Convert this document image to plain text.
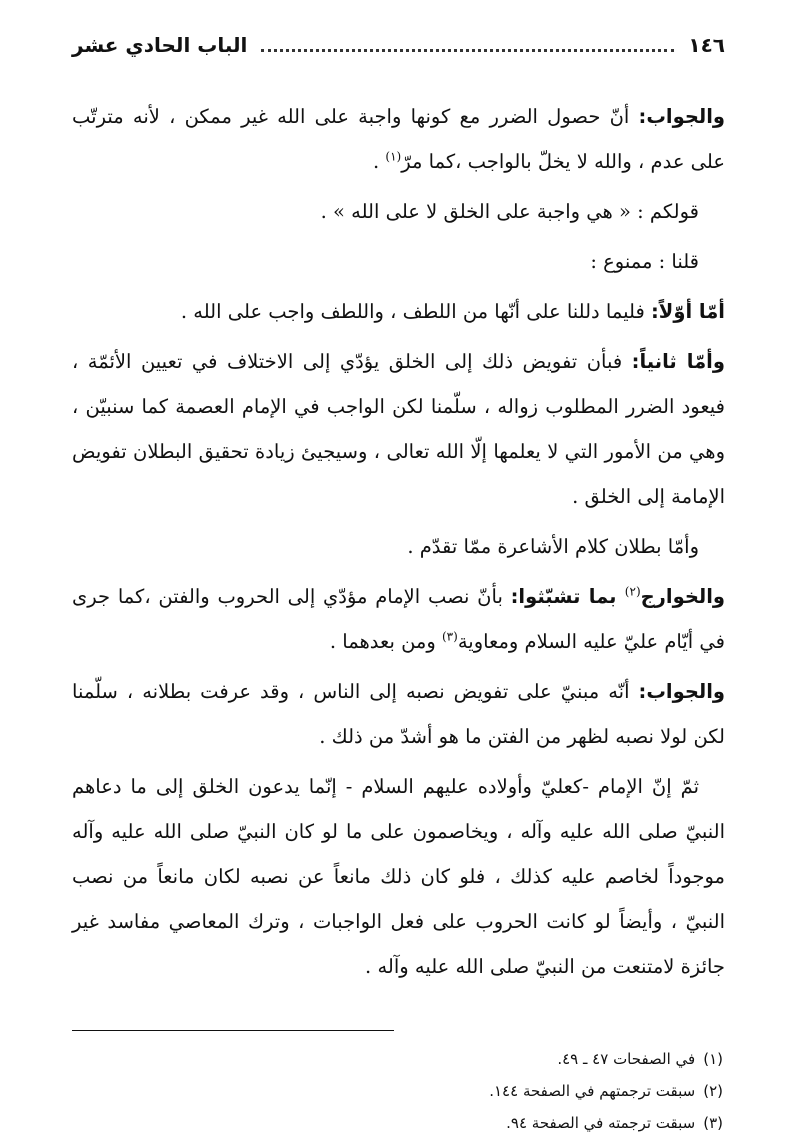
١٤٦
الباب الحادي عشر

والجواب: أنّ حصول الضرر مع كونها واجبة على الله غير ممكن ، لأنه مترتّب على عدم ، والله لا يخلّ بالواجب ،كما مرّ$^{(١)}$ .

قولكم : « هي واجبة على الخلق لا على الله » .

قلنا : ممنوع :

أمّا أوّلاً: فليما دللنا على أنّها من اللطف ، واللطف واجب على الله .

وأمّا ثانياً: فبأن تفويض ذلك إلى الخلق يؤدّي إلى الاختلاف في تعيين الأئمّة ، فيعود الضرر المطلوب زواله ، سلّمنا لكن الواجب في الإمام العصمة كما سنبيّن ، وهي من الأمور التي لا يعلمها إلّا الله تعالى ، وسيجيئ زيادة تحقيق البطلان تفويض الإمامة إلى الخلق .

وأمّا بطلان كلام الأشاعرة ممّا تقدّم .

والخوارج$^{(٢)}$ بما تشبّثوا: بأنّ نصب الإمام مؤدّي إلى الحروب والفتن ،كما جرى في أيّام عليّ عليه السلام ومعاوية$^{(٣)}$ ومن بعدهما .

والجواب: أنّه مبنيّ على تفويض نصبه إلى الناس ، وقد عرفت بطلانه ، سلّمنا لكن لولا نصبه لظهر من الفتن ما هو أشدّ من ذلك .

ثمّ إنّ الإمام -كعليّ وأولاده عليهم السلام - إنّما يدعون الخلق إلى ما دعاهم النبيّ صلى الله عليه وآله ، ويخاصمون على ما لو كان النبيّ صلى الله عليه وآله موجوداً لخاصم عليه كذلك ، فلو كان ذلك مانعاً عن نصبه لكان مانعاً من نصب النبيّ ، وأيضاً لو كانت الحروب على فعل الواجبات ، وترك المعاصي مفاسد غير جائزة لامتنعت من النبيّ صلى الله عليه وآله .

(١)في الصفحات ٤٧ ـ ٤٩.
(٢)سبقت ترجمتهم في الصفحة ١٤٤.
(٣)سبقت ترجمته في الصفحة ٩٤.
